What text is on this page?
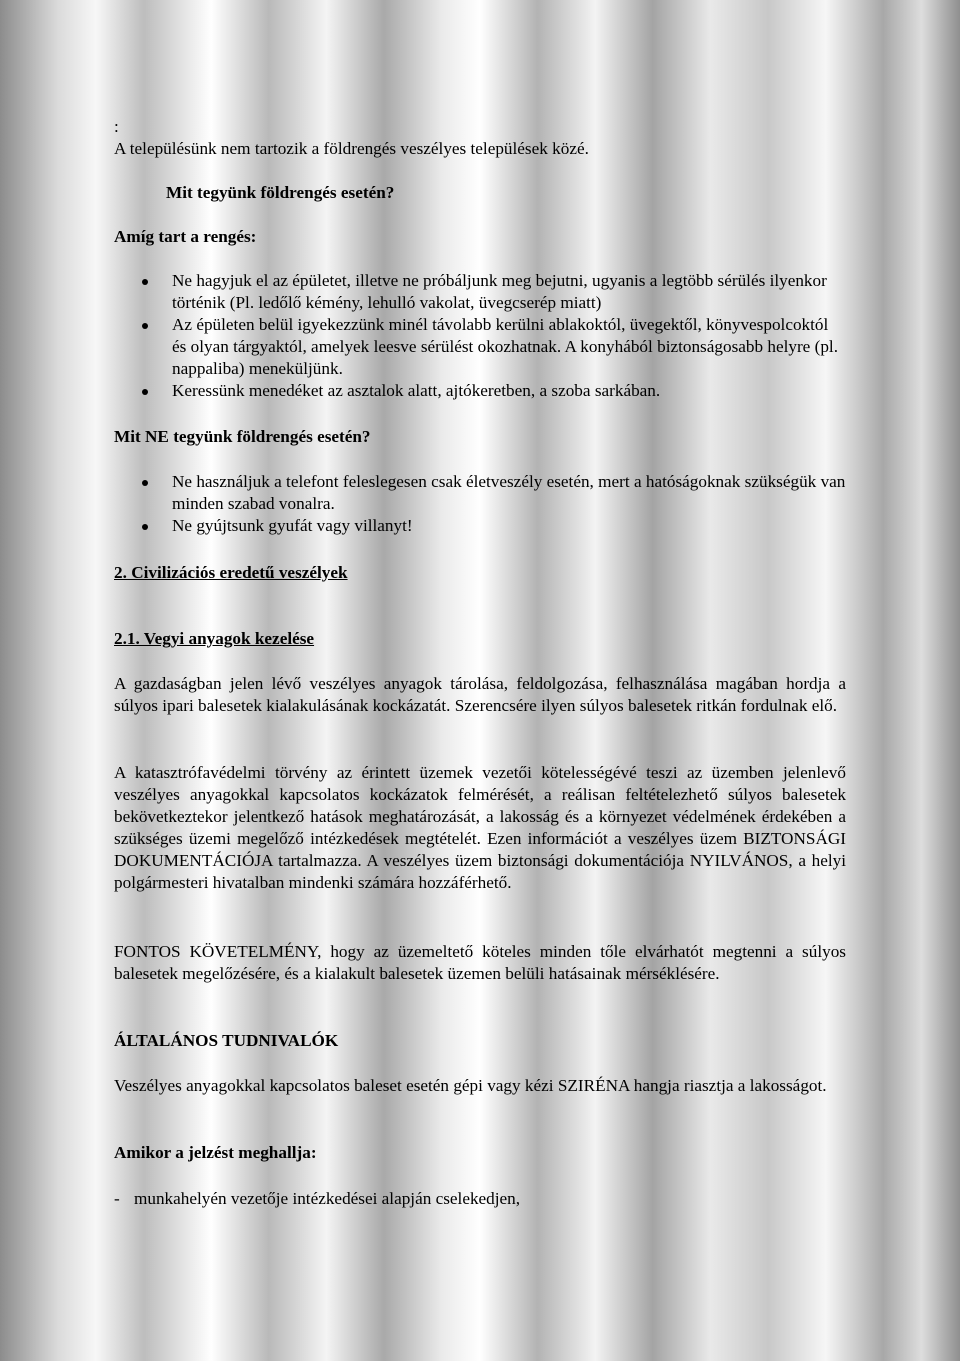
:
A településünk nem tartozik a földrengés veszélyes települések közé.
Mit tegyünk földrengés esetén?
Amíg tart a rengés:
Ne hagyjuk el az épületet, illetve ne próbáljunk meg bejutni, ugyanis a legtöbb sérülés ilyenkor történik (Pl. ledőlő kémény, lehulló vakolat, üvegcserép miatt)
Az épületen belül igyekezzünk minél távolabb kerülni ablakoktól, üvegektől, könyvespolcoktól és olyan tárgyaktól, amelyek leesve sérülést okozhatnak. A konyhából biztonságosabb helyre (pl. nappaliba) meneküljünk.
Keressünk menedéket az asztalok alatt, ajtókeretben, a szoba sarkában.
Mit NE tegyünk földrengés esetén?
Ne használjuk a telefont feleslegesen csak életveszély esetén, mert a hatóságoknak szükségük van minden szabad vonalra.
Ne gyújtsunk gyufát vagy villanyt!
2. Civilizációs eredetű veszélyek
2.1. Vegyi anyagok kezelése

A gazdaságban jelen lévő veszélyes anyagok tárolása, feldolgozása, felhasználása magában hordja a súlyos ipari balesetek kialakulásának kockázatát. Szerencsére ilyen súlyos balesetek ritkán fordulnak elő.

A katasztrófavédelmi törvény az érintett üzemek vezetői kötelességévé teszi az üzemben jelenlevő veszélyes anyagokkal kapcsolatos kockázatok felmérését, a reálisan feltételezhető súlyos balesetek bekövetkeztekor jelentkező hatások meghatározását, a lakosság és a környezet védelmének érdekében a szükséges üzemi megelőző intézkedések megtételét. Ezen információt a veszélyes üzem BIZTONSÁGI DOKUMENTÁCIÓJA tartalmazza. A veszélyes üzem biztonsági dokumentációja NYILVÁNOS, a helyi polgármesteri hivatalban mindenki számára hozzáférhető.

FONTOS KÖVETELMÉNY, hogy az üzemeltető köteles minden tőle elvárhatót megtenni a súlyos balesetek megelőzésére, és a kialakult balesetek üzemen belüli hatásainak mérséklésére.

ÁLTALÁNOS TUDNIVALÓK

Veszélyes anyagokkal kapcsolatos baleset esetén gépi vagy kézi SZIRÉNA hangja riasztja a lakosságot.

Amikor a jelzést meghallja:
- munkahelyén vezetője intézkedései alapján cselekedjen,
